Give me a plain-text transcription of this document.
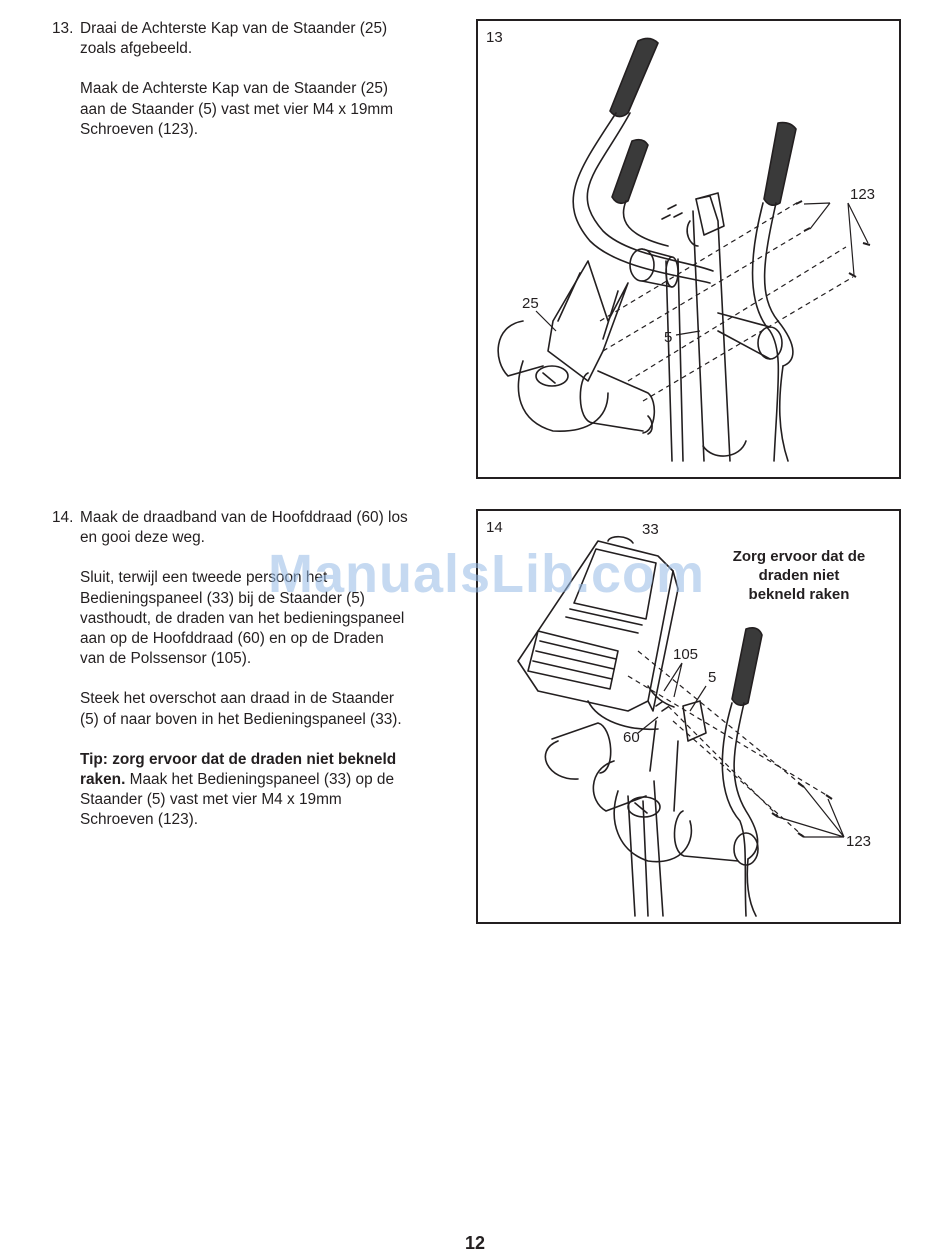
13. Draai de Achterste Kap van de Staander (25)
zoals afgebeeld.

Maak de Achterste Kap van de Staander (25)
aan de Staander (5) vast met vier M4 x 19mm
Schroeven (123).

14. Maak de draadband van de Hoofddraad (60) los
en gooi deze weg.

Sluit, terwijl een tweede persoon het
Bedieningspaneel (33) bij de Staander (5)
vasthoudt, de draden van het bedieningspaneel
aan op de Hoofddraad (60) en op de Draden
van de Polssensor (105).

Steek het overschot aan draad in de Staander
(5) of naar boven in het Bedieningspaneel (33).

Tip: zorg ervoor dat de draden niet bekneld
raken. Maak het Bedieningspaneel (33) op de
Staander (5) vast met vier M4 x 19mm
Schroeven (123).

13
25
5
123
14
Zorg ervoor dat de
draden niet
bekneld raken
33
105
5
60
123
ManualsLib.com
12
